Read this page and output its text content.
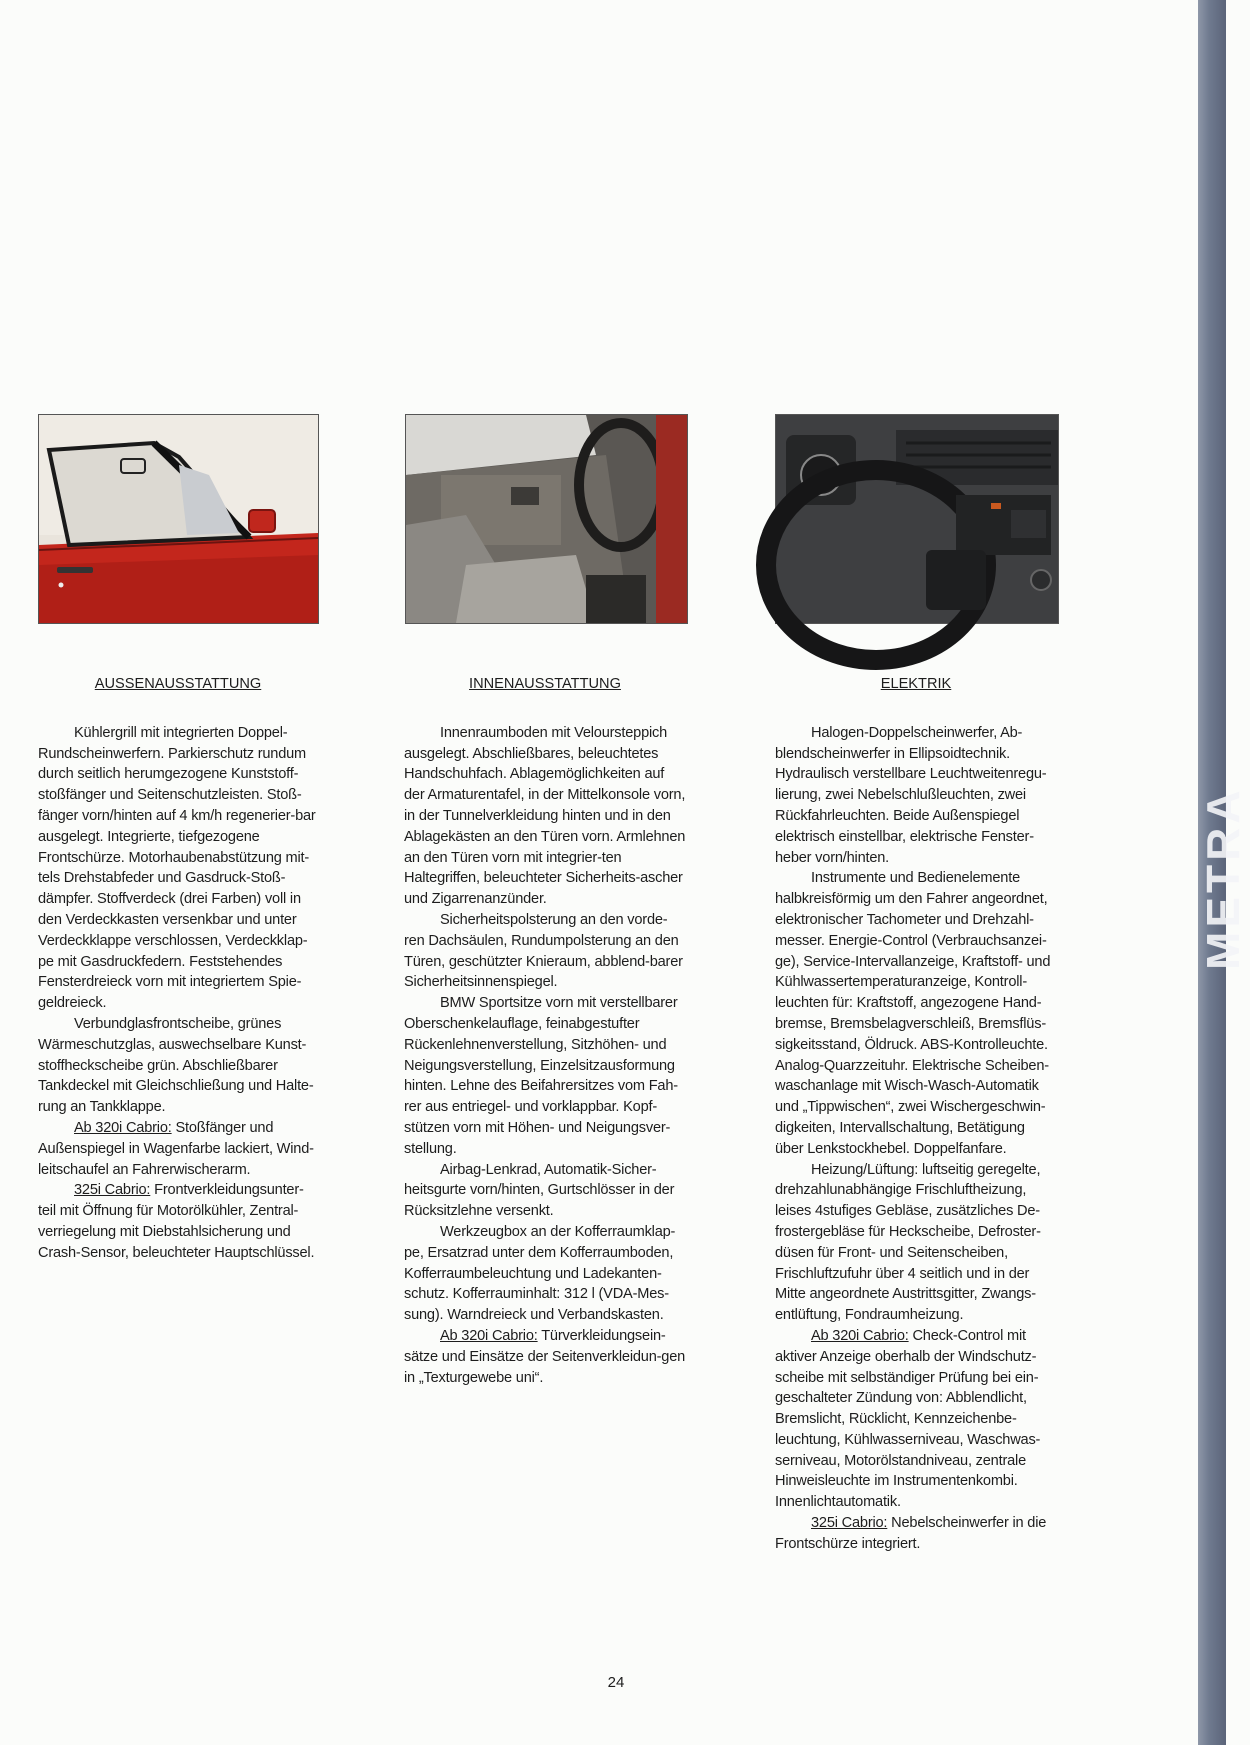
METRA
AUSSENAUSSTATTUNG

Kühlergrill mit integrierten Doppel-Rundscheinwerfern. Parkierschutz rundum durch seitlich herumgezogene Kunststoff-stoßfänger und Seitenschutzleisten. Stoß-fänger vorn/hinten auf 4 km/h regenerier-bar ausgelegt. Integrierte, tiefgezogene Frontschürze. Motorhaubenabstützung mit-tels Drehstabfeder und Gasdruck-Stoß-dämpfer. Stoffverdeck (drei Farben) voll in den Verdeckkasten versenkbar und unter Verdeckklappe verschlossen, Verdeckklap-pe mit Gasdruckfedern. Feststehendes Fensterdreieck vorn mit integriertem Spie-geldreieck.

Verbundglasfrontscheibe, grünes Wärmeschutzglas, auswechselbare Kunst-stoffheckscheibe grün. Abschließbarer Tankdeckel mit Gleichschließung und Halte-rung an Tankklappe.

Ab 320i Cabrio: Stoßfänger und Außenspiegel in Wagenfarbe lackiert, Wind-leitschaufel an Fahrerwischerarm.

325i Cabrio: Frontverkleidungsunter-teil mit Öffnung für Motorölkühler, Zentral-verriegelung mit Diebstahlsicherung und Crash-Sensor, beleuchteter Hauptschlüssel.

INNENAUSSTATTUNG

Innenraumboden mit Veloursteppich ausgelegt. Abschließbares, beleuchtetes Handschuhfach. Ablagemöglichkeiten auf der Armaturentafel, in der Mittelkonsole vorn, in der Tunnelverkleidung hinten und in den Ablagekästen an den Türen vorn. Armlehnen an den Türen vorn mit integrier-ten Haltegriffen, beleuchteter Sicherheits-ascher und Zigarrenanzünder.

Sicherheitspolsterung an den vorde-ren Dachsäulen, Rundumpolsterung an den Türen, geschützter Knieraum, abblend-barer Sicherheitsinnenspiegel.

BMW Sportsitze vorn mit verstellbarer Oberschenkelauflage, feinabgestufter Rückenlehnenverstellung, Sitzhöhen- und Neigungsverstellung, Einzelsitzausformung hinten. Lehne des Beifahrersitzes vom Fah-rer aus entriegel- und vorklappbar. Kopf-stützen vorn mit Höhen- und Neigungsver-stellung.

Airbag-Lenkrad, Automatik-Sicher-heitsgurte vorn/hinten, Gurtschlösser in der Rücksitzlehne versenkt.

Werkzeugbox an der Kofferraumklap-pe, Ersatzrad unter dem Kofferraumboden, Kofferraumbeleuchtung und Ladekanten-schutz. Kofferrauminhalt: 312 l (VDA-Mes-sung). Warndreieck und Verbandskasten.

Ab 320i Cabrio: Türverkleidungsein-sätze und Einsätze der Seitenverkleidun-gen in „Texturgewebe uni“.

ELEKTRIK

Halogen-Doppelscheinwerfer, Ab-blendscheinwerfer in Ellipsoidtechnik. Hydraulisch verstellbare Leuchtweitenregu-lierung, zwei Nebelschlußleuchten, zwei Rückfahrleuchten. Beide Außenspiegel elektrisch einstellbar, elektrische Fenster-heber vorn/hinten.

Instrumente und Bedienelemente halbkreisförmig um den Fahrer angeordnet, elektronischer Tachometer und Drehzahl-messer. Energie-Control (Verbrauchsanzei-ge), Service-Intervallanzeige, Kraftstoff- und Kühlwassertemperaturanzeige, Kontroll-leuchten für: Kraftstoff, angezogene Hand-bremse, Bremsbelagverschleiß, Bremsflüs-sigkeitsstand, Öldruck. ABS-Kontrolleuchte. Analog-Quarzzeituhr. Elektrische Scheiben-waschanlage mit Wisch-Wasch-Automatik und „Tippwischen“, zwei Wischergeschwin-digkeiten, Intervallschaltung, Betätigung über Lenkstockhebel. Doppelfanfare.

Heizung/Lüftung: luftseitig geregelte, drehzahlunabhängige Frischluftheizung, leises 4stufiges Gebläse, zusätzliches De-frostergebläse für Heckscheibe, Defroster-düsen für Front- und Seitenscheiben, Frischluftzufuhr über 4 seitlich und in der Mitte angeordnete Austrittsgitter, Zwangs-entlüftung, Fondraumheizung.

Ab 320i Cabrio: Check-Control mit aktiver Anzeige oberhalb der Windschutz-scheibe mit selbständiger Prüfung bei ein-geschalteter Zündung von: Abblendlicht, Bremslicht, Rücklicht, Kennzeichenbe-leuchtung, Kühlwasserniveau, Waschwas-serniveau, Motorölstandniveau, zentrale Hinweisleuchte im Instrumentenkombi. Innenlichtautomatik.

325i Cabrio: Nebelscheinwerfer in die Frontschürze integriert.

24
